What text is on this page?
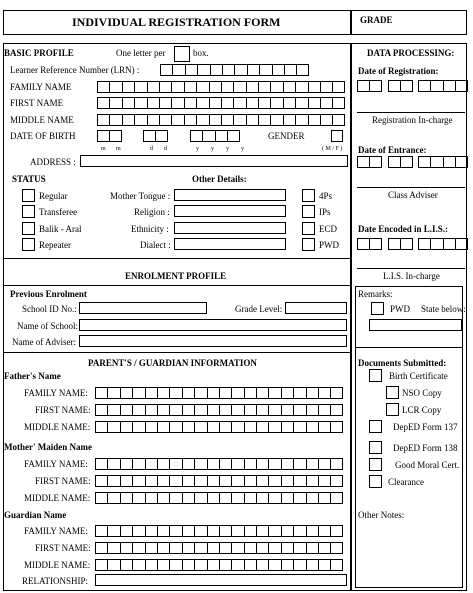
INDIVIDUAL REGISTRATION FORM	GRADE
BASIC PROFILE	One letter per	box.
Learner Reference Number (LRN) :
FAMILY NAME
FIRST NAME
MIDDLE NAME
DATE OF BIRTH	GENDER
m m	d d	y y y y	( M / F )
ADDRESS :
STATUS
Regular
Transferee
Balik - Aral
Repeater
Other Details:
Mother Tongue :
Religion :
Ethnicity :
Dialect :
4Ps
IPs
ECD
PWD
ENROLMENT PROFILE
Previous Enrolment
School ID No.:	Grade Level:
Name of School:
Name of Adviser:
PARENT'S / GUARDIAN INFORMATION
Father's Name
FAMILY NAME:
FIRST NAME:
MIDDLE NAME:
Mother' Maiden Name
FAMILY NAME:
FIRST NAME:
MIDDLE NAME:
Guardian Name
FAMILY NAME:
FIRST NAME:
MIDDLE NAME:
RELATIONSHIP:
DATA PROCESSING:
Date of Registration:
Registration In-charge
Date of Entrance:
Class Adviser
Date Encoded in L.I.S.:
L.I.S. In-charge
Remarks:
PWD State below:
Documents Submitted:
Birth Certificate
NSO Copy
LCR Copy
DepED Form 137
DepED Form 138
Good Moral Cert.
Clearance
Other Notes:
